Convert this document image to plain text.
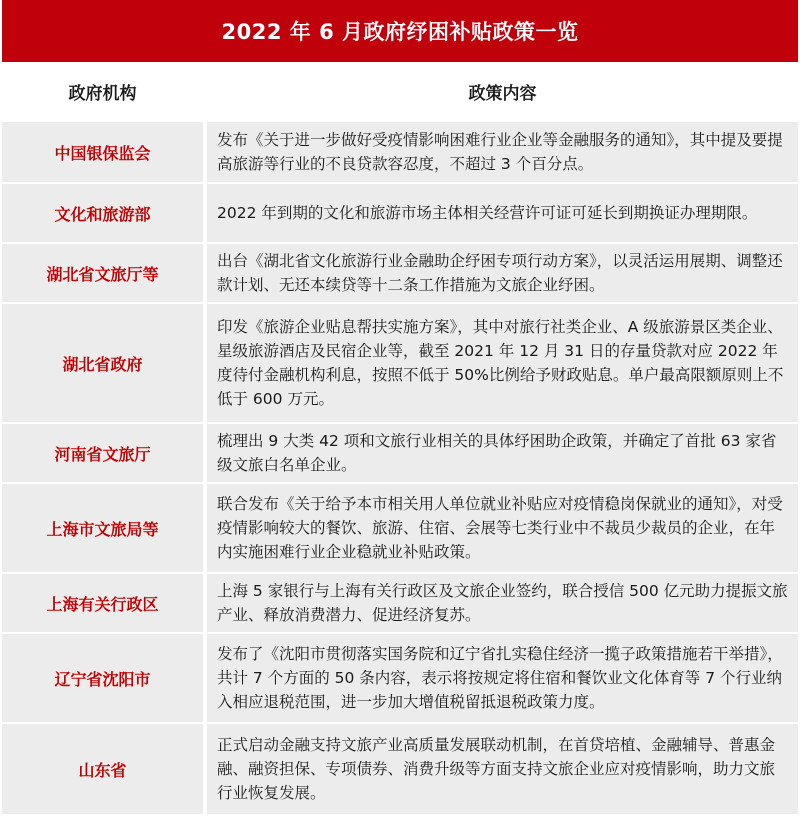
2022 年 6 月政府纾困补贴政策一览
政府机构	政策内容
中国银保监会
发布《关于进一步做好受疫情影响困难行业企业等金融服务的通知》，其中提及要提高旅游等行业的不良贷款容忍度，不超过 3 个百分点。
文化和旅游部	2022 年到期的文化和旅游市场主体相关经营许可证可延长到期换证办理期限。
湖北省文旅厅等
出台《湖北省文化旅游行业金融助企纾困专项行动方案》，以灵活运用展期、调整还款计划、无还本续贷等十二条工作措施为文旅企业纾困。
湖北省政府
印发《旅游企业贴息帮扶实施方案》，其中对旅行社类企业、A 级旅游景区类企业、星级旅游酒店及民宿企业等，截至 2021 年 12 月 31 日的存量贷款对应 2022 年度待付金融机构利息，按照不低于 50%比例给予财政贴息。单户最高限额原则上不低于 600 万元。
河南省文旅厅
梳理出 9 大类 42 项和文旅行业相关的具体纾困助企政策，并确定了首批 63 家省级文旅白名单企业。
上海市文旅局等
联合发布《关于给予本市相关用人单位就业补贴应对疫情稳岗保就业的通知》，对受疫情影响较大的餐饮、旅游、住宿、会展等七类行业中不裁员少裁员的企业，在年内实施困难行业企业稳就业补贴政策。
上海有关行政区
上海 5 家银行与上海有关行政区及文旅企业签约，联合授信 500 亿元助力提振文旅产业、释放消费潜力、促进经济复苏。
辽宁省沈阳市
发布了《沈阳市贯彻落实国务院和辽宁省扎实稳住经济一揽子政策措施若干举措》，共计 7 个方面的 50 条内容，表示将按规定将住宿和餐饮业文化体育等 7 个行业纳入相应退税范围，进一步加大增值税留抵退税政策力度。
山东省
正式启动金融支持文旅产业高质量发展联动机制，在首贷培植、金融辅导、普惠金融、融资担保、专项债券、消费升级等方面支持文旅企业应对疫情影响，助力文旅行业恢复发展。
